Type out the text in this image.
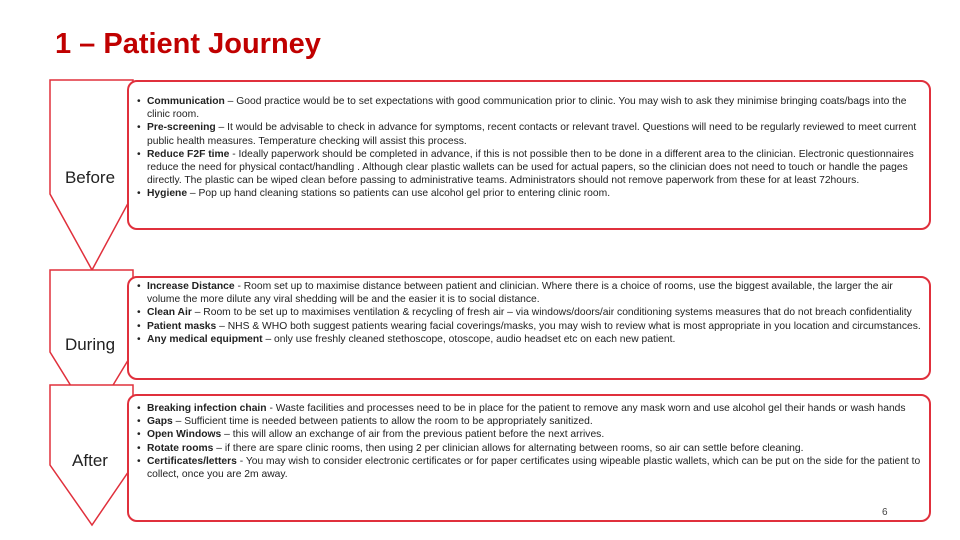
1 – Patient Journey
Before
During
After
• Communication – Good practice would be to set expectations with good communication prior to clinic. You may wish to ask they minimise bringing coats/bags into the clinic room.
• Pre-screening – It would be advisable to check in advance for symptoms, recent contacts or relevant travel. Questions will need to be regularly reviewed to meet current public health measures. Temperature checking will assist this process.
• Reduce F2F time - Ideally paperwork should be completed in advance, if this is not possible then to be done in a different area to the clinician. Electronic questionnaires reduce the need for physical contact/handling . Although clear plastic wallets can be used for actual papers, so the clinician does not need to touch or handle the pages directly. The plastic can be wiped clean before passing to administrative teams. Administrators should not remove paperwork from these for at least 72hours.
• Hygiene – Pop up hand cleaning stations so patients can use alcohol gel prior to entering clinic room.
• Increase Distance - Room set up to maximise distance between patient and clinician. Where there is a choice of rooms, use the biggest available, the larger the air volume the more dilute any viral shedding will be and the easier it is to social distance.
• Clean Air – Room to be set up to maximises ventilation & recycling of fresh air – via windows/doors/air conditioning systems measures that do not breach confidentiality
• Patient masks – NHS & WHO both suggest patients wearing facial coverings/masks, you may wish to review what is most appropriate in you location and circumstances.
• Any medical equipment – only use freshly cleaned stethoscope, otoscope, audio headset etc on each new patient.
• Breaking infection chain - Waste facilities and processes need to be in place for the patient to remove any mask worn and use alcohol gel their hands or wash hands
• Gaps – Sufficient time is needed between patients to allow the room to be appropriately sanitized.
• Open Windows – this will allow an exchange of air from the previous patient before the next arrives.
• Rotate rooms – if there are spare clinic rooms, then using 2 per clinician allows for alternating between rooms, so air can settle before cleaning.
• Certificates/letters - You may wish to consider electronic certificates or for paper certificates using wipeable plastic wallets, which can be put on the side for the patient to collect, once you are 2m away.
6
